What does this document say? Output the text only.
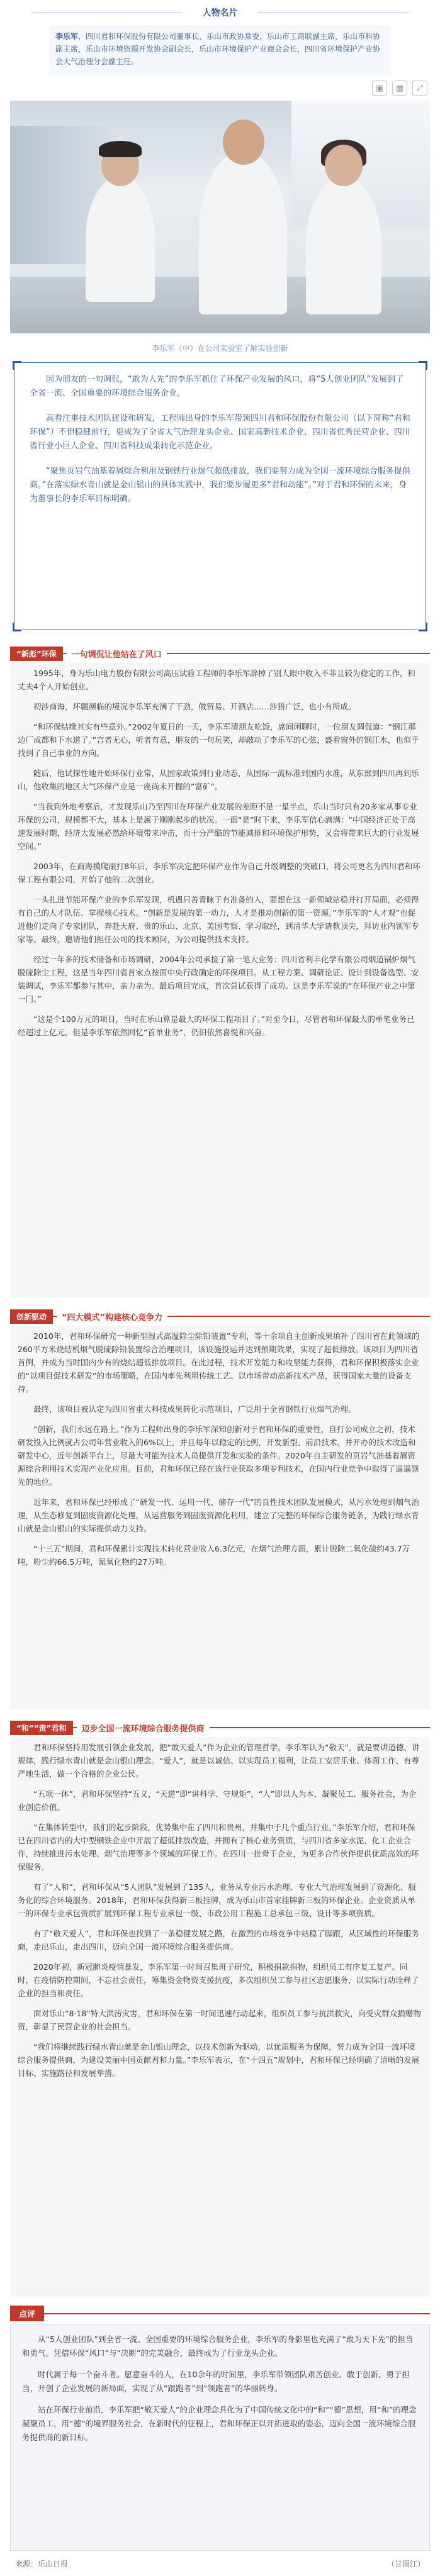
人物名片
李乐军，四川君和环保股份有限公司董事长，乐山市政协常委，乐山市工商联副主席，乐山市科协副主席，乐山市环境资源开发协会副会长，乐山市环境保护产业商会会长，四川省环境保护产业协会大气治理分会副主任。
▣	▦	⤢
李乐军（中）在公司实验室了解实验创新

因为朋友的一句调侃，“敢为人先”的李乐军抓住了环保产业发展的风口，将“5人创业团队”发展到了全省一流、全国重要的环境综合服务企业。

高看注重技术团队建设和研发，工程师出身的李乐军带领四川君和环保股份有限公司（以下简称“君和环保”）不但稳健前行，更成为了全省大气治理龙头企业、国家高新技术企业、四川省优秀民营企业、四川省行业小巨人企业、四川省科技成果转化示范企业。

“聚焦页岩气油基着屑综合利用及钢铁行业烟气超低排放，我们要努力成为全国一流环境综合服务提供商。”在落实绿水青山就是金山银山的具体实践中，我们要步履更多“君和动能”。”对于君和环保的未来，身为董事长的李乐军目标明确。

“新彪”环保	一句调侃让他站在了风口

1995年，身为乐山电力股份有限公司高压试验工程师的李乐军辞掉了别人眼中收入不菲且较为稳定的工作，和丈夫4个人开始创业。

初涉商海，坏疆濒临的境况李乐军充满了干劲，做贸易、开酒店……涉猎广泛，也小有所成。

“和环保结缘其实有些意外。”2002年夏日的一天，李乐军清朋友吃饭，席间闲聊时，一位朋友调侃道：“钢江那边厂成都和下水道了。”言者无心，听者有意，朋友的一句玩笑，却敲动了李乐军的心弦，盛看窗外的钢江水，也似乎找到了自己事业的方向。

随后，他试探性地开始环保行业常，从国家政策到行业动态，从国际一流标准到国内水准，从东部到四川再到乐山，他收集的地区大气环保产业是一座尚未开掘的“富矿”。

“当我到外地考察后，才发现乐山乃至四川在环保产业发展的差距不是一星半点，乐山当时只有20多家从事专业环保的公司，规模都不大，基本上是属于刚刚起步的状况。一面“是”时下来，李乐军信心满满：“中国经济正处于高速发展时期，经济大发展必然给环境带来冲击，而十分严酷的节能减排和环境保护形势，又会将带来巨大的行业发展空间。”

2003年，在商海摸爬滚打8年后，李乐军决定把环保产业作为自己升级调整的突破口，将公司更名为四川君和环保工程有限公司，开始了他的二次创业。

一头扎进节能环保产业的李乐军发现，机遇只善青睐于有准备的人，要想在这一新领域站稳并打开局面，必须得有自己的人才队伍、掌握核心技术。“创新是发展的第一动力，人才是推动创新的第一资源。”李乐军的“人才观”也促进他们走向了专家团队，奔赴天府、贵的乐山、北京、美国考察、学习取经，到清华大学请教顶尖，拜访业内领军专家等。最终，邀请他们担任公司的技术顾问，为公司提供技术支持。

经过一年多的技术储备和市场调研，2004年公司承接了第一笔大业务：四川省利丰化学有限公司烟道锅炉烟气脱硫除尘工程，这是当年四川省首家点按面中央行政确定的环保项目。从工程方案、调研论证、设计到设备选型、安装调试，李乐军都参与其中，亲力亲为。最后项目完成，首次尝试获得了成功。这是李乐军说的“在环保产业之中第一门。”

“这是个100万元的项目，当时在乐山算是最大的环保工程项目了。”对至今日，尽管君和环保最大的单笔业务已经超过上亿元，但是李乐军依然回忆“首单业务”，仍旧依然喜悦和兴奋。

创新驱动	“四大模式”构建核心竞争力

2010年，君和环保研究一种新型湿式高温除尘除铅装置”专利，等十余项自主创新成果填补了四川省在此领域的260平方米烧结机烟气脱硫除铅装置综合治理项目，该设施投运并达到预期效果，实现了超低排放。该项目为四川省首例，并成为当时国内少有的烧结超低排放项目。在此过程，技术开发能力和攻坚能力获得，君和环保积极落实企业的“以项目促技术研发”的市场策略，在国内率先利用传统工艺、以市场带动高新技术产品，获得国家大量的设备支持。

最终，该项目被认定为四川省重大科技成果转化示范项目，广泛用于全省钢铁行业烟气治理。

“创新，我们永远在路上。”作为工程师出身的李乐军深知创新对于君和环保的重要性，自打公司成立之初，技术研发投入比例就占公司年营业收入的6%以上，并且每年以稳定的比例，开发新型、前沿技术。并开办的技术改造和研发中心，近年创新平台上，尽最大可能为技术人员提供开发和实验的条件。2020年自主研发的页岩气油基着屑资源综合利用技术实现产业化应用。目前，君和环保已经在该行业获取多项专利技术，在国内行业竞争中取得了遥遥领先的地位。

近年来，君和环保已经形成了“研发一代、运用一代、储存一代”的良性技术团队发展模式，从污水处理到烟气治理，从生态修复到固废资源化处理，从运营服务到固废资源化利用，建立了完整的环保综合服务链条，为践行绿水青山就是金山银山的实际提供动力支持。

“十三五”期间，君和环保累计实现技术转化营业收入6.3亿元，在烟气治理方面，累计脱除二氧化硫约43.7万吨，粉尘约66.5万吨，氮氧化物约27万吨。

“和”“责”君和	迈步全国一流环境综合服务提供商

君和环保坚持用发展引领企业发展，把“敢天爱人”作为企业的管理哲学。李乐军认为“敬天”，就是要讲道德、讲规律，践行绿水青山就是金山银山理念。“爱人”，就是以诚信、以实现员工福利，让员工安居乐业、体面工作、有尊严地生活，做一个合格的企业公民。

“五项一体”，君和环保坚持“五义，“天道”即“讲科学、守规矩”，“人”即以人为本，凝聚员工、服务社会，为企业创造价值。

“在集体转型中，我们的起步阶段，优势集中在了四川和贵州，并集中于几个重点行业。”李乐军介绍，君和环保已在四川省内的大中型钢铁企业中开展了超低排放改造，并拥有了核心业务资质，与四川省多家水泥、化工企业合作，持续推进污水处理、烟气治理等多个领域的环保工作。在四川一批骨干企业，为更多合作伙伴提供优质高效的环保服务。

有了“人和”，君和环保从“5人团队”发展到了135人，业务从专业污水治理、专业大气治理发展到了资源化、服务化的综合环境服务。2018年，君和环保获得新三板挂牌，成为乐山市首家挂牌新三板的环保企业。企业资质从单一的环保专业承包资质扩展到环保工程专业承包一级、市政公用工程施工总承包三级、设计等多项资质。

有了“敬天爱人”，君和环保也找到了一条稳健发展之路，在激烈的市场竞争中站稳了脚跟，从区域性的环保服务商，走出乐山，走出四川，迈向全国一流环境综合服务提供商。

2020年初，新冠肺炎疫情暴发，李乐军第一时间召集班子研究，积极捐款捐物，组织员工有序复工复产。同时，在疫情防控期间，不忘社会责任，筹集资金物资支援抗疫，多次组织员工参与社区志愿服务，以实际行动诠释了企业的担当和责任。

面对乐山“8·18”特大洪涝灾害，君和环保在第一时间迅速行动起来，组织员工参与抗洪救灾，向受灾群众捐赠物资，彰显了民营企业的社会担当。

“我们将继续践行绿水青山就是金山银山理念，以技术创新为驱动，以优质服务为保障，努力成为全国一流环境综合服务提供商，为建设美丽中国贡献君和力量。”李乐军表示，在“十四五”规划中，君和环保已经明确了清晰的发展目标、实施路径和发展举措。

点评

从“5人创业团队”到全省一流、全国重要的环境综合服务企业，李乐军的身影里也充满了“敢为天下先”的担当和勇气。凭借环保“风口”与“决断”的完美融合，最终成为了行业龙头企业。

时代属于每一个奋斗者。愿意奋斗的人，在10余年的时间里，李乐军带领团队艰苦创业、敢于创新、勇于担当，开创了企业发展的新局面，实现了从“跟跑者”到“领跑者”的华丽转身。

站在环保行业前沿，李乐军把“敬天爱人”的企业理念具化为了中国传统文化中的“和”“德”思想，用“和”的理念凝聚员工，用“德”的境界服务社会，在新时代的征程上，君和环保正以开拓进取的姿态，迈向全国一流环境综合服务提供商的新目标。

来源：乐山日报	（甘国江）
